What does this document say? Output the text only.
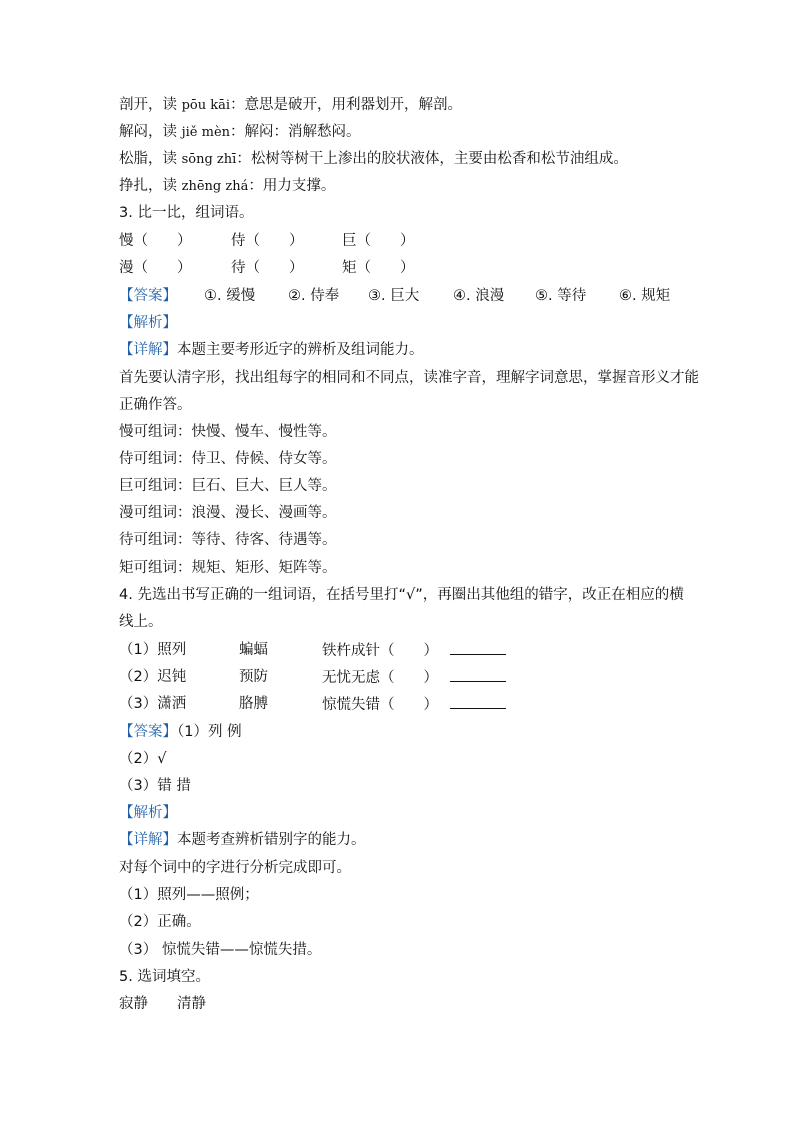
剖开，读 pōu kāi：意思是破开，用利器划开，解剖。
解闷，读 jiě mèn：解闷：消解愁闷。
松脂，读 sōng zhī：松树等树干上渗出的胶状液体，主要由松香和松节油组成。
挣扎，读 zhēng zhá：用力支撑。
3. 比一比，组词语。
慢（　　）	侍（　　）	巨（　　）
漫（　　）	待（　　）	矩（　　）
【答案】 ①. 缓慢 ②. 侍奉 ③. 巨大 ④. 浪漫 ⑤. 等待 ⑥. 规矩
【解析】
【详解】本题主要考形近字的辨析及组词能力。
首先要认清字形，找出组每字的相同和不同点，读准字音，理解字词意思，掌握音形义才能
正确作答。
慢可组词：快慢、慢车、慢性等。
侍可组词：侍卫、侍候、侍女等。
巨可组词：巨石、巨大、巨人等。
漫可组词：浪漫、漫长、漫画等。
待可组词：等待、待客、待遇等。
矩可组词：规矩、矩形、矩阵等。
4. 先选出书写正确的一组词语，在括号里打“√”，再圈出其他组的错字，改正在相应的横
线上。
（1）照列	蝙蝠	铁杵成针（　　）
（2）迟钝	预防	无忧无虑（　　）
（3）潇洒	胳膊	惊慌失错（　　）
【答案】（1）列 例
（2）√
（3）错 措
【解析】
【详解】本题考查辨析错别字的能力。
对每个词中的字进行分析完成即可。
（1）照列——照例；
（2）正确。
（3） 惊慌失错——惊慌失措。
5. 选词填空。
寂静　　清静
